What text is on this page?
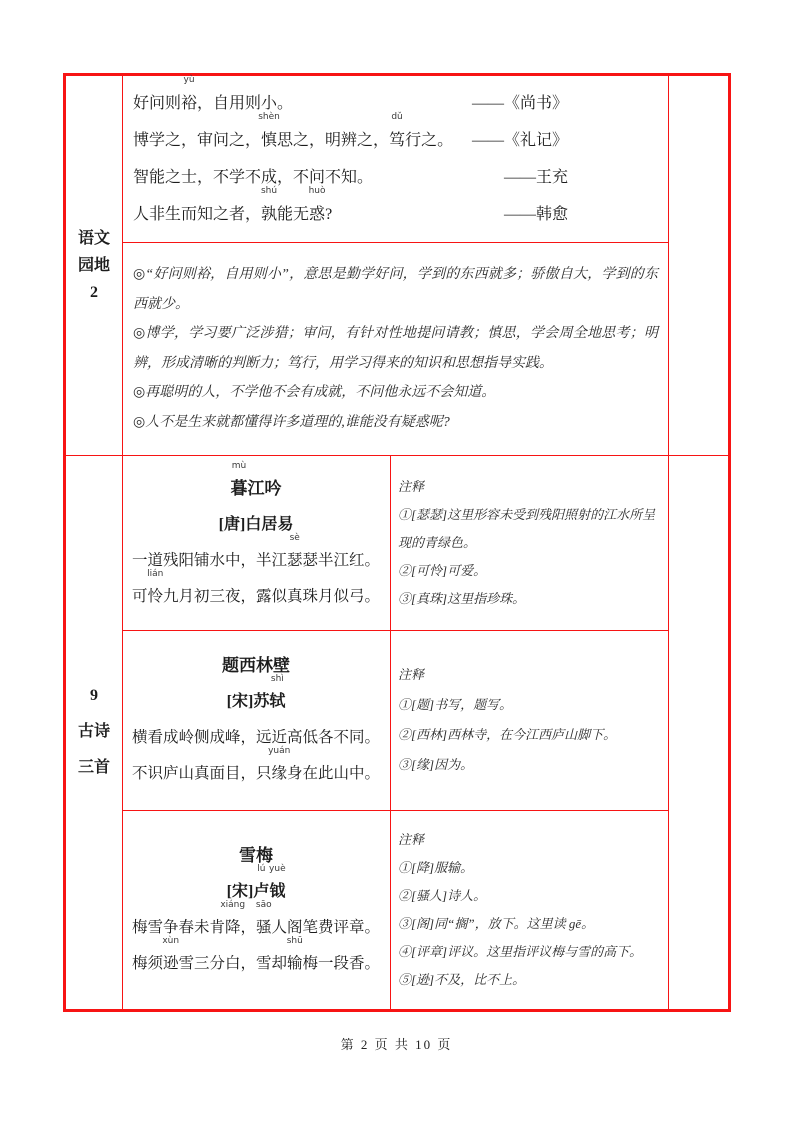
语文
园地
2
好问则裕
yù
，自用则小。	——《尚书》
博学之，审问之，慎
shèn
思之，明辨之，笃
dǔ
行之。 ——《礼记》
智能之士，不学不成，不问不知。	——王充
人非生而知之者，孰
shú
能无惑
huò
?	——韩愈
◎“好问则裕，自用则小”，意思是勤学好问，学到的东西就多；骄傲自大，学到的东西就少。
◎博学，学习要广泛涉猎；审问，有针对性地提问请教；慎思，学会周全地思考；明辨，形成清晰的判断力；笃行，用学习得来的知识和思想指导实践。
◎再聪明的人，不学他不会有成就，不问他永远不会知道。
◎人不是生来就都懂得许多道理的,谁能没有疑惑呢?
9
古诗
三首
暮
mù
江吟
[唐]白居易
一道残阳铺水中，半江瑟
sè
瑟半江红。
可怜
lián
九月初三夜，露似真珠月似弓。
注释
①[瑟瑟]这里形容未受到残阳照射的江水所呈现的青绿色。
②[可怜]可爱。
③[真珠]这里指珍珠。
题西林壁
[宋]苏轼
shì
横看成岭侧成峰，远近高低各不同。
不识庐山真面目，只缘
yuán
身在此山中。
注释
①[题]书写，题写。
②[西林]西林寺，在今江西庐山脚下。
③[缘]因为。
雪梅
[宋]卢
lú
钺
yuè
梅雪争春未肯降
xiáng
，骚
sāo
人阁笔费评章。
梅须逊
xùn
雪三分白，雪却输
shū
梅一段香。
注释
①[降]服输。
②[骚人]诗人。
③[阁]同“搁”，放下。这里读 gē。
④[评章]评议。这里指评议梅与雪的高下。
⑤[逊]不及，比不上。
第 2 页 共 10 页
